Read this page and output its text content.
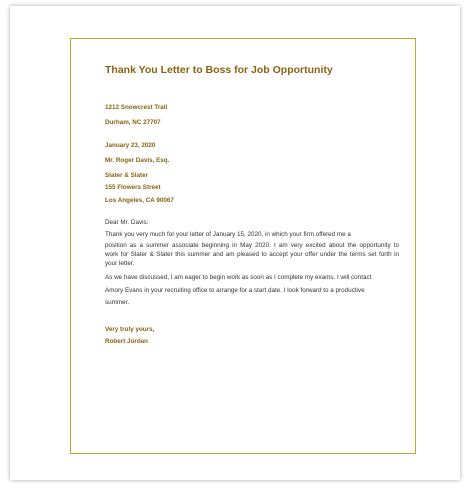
Thank You Letter to Boss for Job Opportunity
1212 Snowcrest Trail
Durham, NC 27707
January 23, 2020
Mr. Roger Davis, Esq.
Slater & Slater
155 Flowers Street
Los Angeles, CA 90067
Dear Mr. Davis:
Thank you very much for your letter of January 15, 2020, in which your firm offered me a
position as a summer associate beginning in May 2020. I am very excited about the opportunity to
work for Slater & Slater this summer and am pleased to accept your offer under the terms set forth in
your letter.
As we have discussed, I am eager to begin work as soon as I complete my exams. I will contact
Amory Evans in your recruiting office to arrange for a start date. I look forward to a productive
summer.
Very truly yours,
Robert Jordan
